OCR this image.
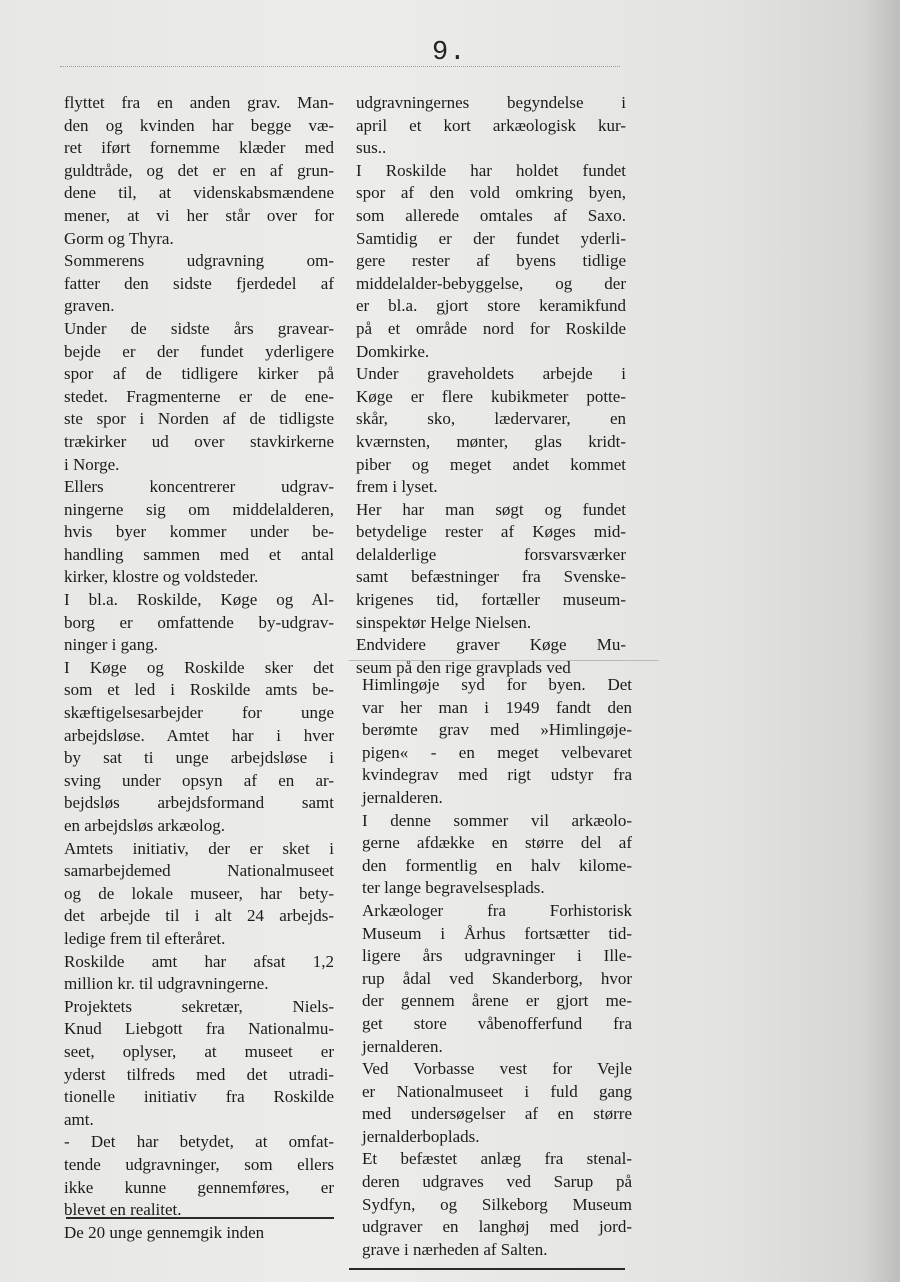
9.
flyttet fra en anden grav. Man-
den og kvinden har begge væ-
ret iført fornemme klæder med
guldtråde, og det er en af grun-
dene til, at videnskabsmændene
mener, at vi her står over for
Gorm og Thyra.
Sommerens udgravning om-
fatter den sidste fjerdedel af
graven.
Under de sidste års gravear-
bejde er der fundet yderligere
spor af de tidligere kirker på
stedet. Fragmenterne er de ene-
ste spor i Norden af de tidligste
trækirker ud over stavkirkerne
i Norge.
Ellers koncentrerer udgrav-
ningerne sig om middelalderen,
hvis byer kommer under be-
handling sammen med et antal
kirker, klostre og voldsteder.
I bl.a. Roskilde, Køge og Al-
borg er omfattende by-udgrav-
ninger i gang.
I Køge og Roskilde sker det
som et led i Roskilde amts be-
skæftigelsesarbejder for unge
arbejdsløse. Amtet har i hver
by sat ti unge arbejdsløse i
sving under opsyn af en ar-
bejdsløs arbejdsformand samt
en arbejdsløs arkæolog.
Amtets initiativ, der er sket i
samarbejdemed Nationalmuseet
og de lokale museer, har bety-
det arbejde til i alt 24 arbejds-
ledige frem til efteråret.
Roskilde amt har afsat 1,2
million kr. til udgravningerne.
Projektets sekretær, Niels-
Knud Liebgott fra Nationalmu-
seet, oplyser, at museet er
yderst tilfreds med det utradi-
tionelle initiativ fra Roskilde
amt.
- Det har betydet, at omfat-
tende udgravninger, som ellers
ikke kunne gennemføres, er
blevet en realitet.
De 20 unge gennemgik inden
udgravningernes begyndelse i
april et kort arkæologisk kur-
sus..
I Roskilde har holdet fundet
spor af den vold omkring byen,
som allerede omtales af Saxo.
Samtidig er der fundet yderli-
gere rester af byens tidlige
middelalder-bebyggelse, og der
er bl.a. gjort store keramikfund
på et område nord for Roskilde
Domkirke.
Under graveholdets arbejde i
Køge er flere kubikmeter potte-
skår, sko, lædervarer, en
kværnsten, mønter, glas kridt-
piber og meget andet kommet
frem i lyset.
Her har man søgt og fundet
betydelige rester af Køges mid-
delalderlige forsvarsværker
samt befæstninger fra Svenske-
krigenes tid, fortæller museum-
sinspektør Helge Nielsen.
Endvidere graver Køge Mu-
seum på den rige gravplads ved
Himlingøje syd for byen. Det
var her man i 1949 fandt den
berømte grav med »Himlingøje-
pigen« - en meget velbevaret
kvindegrav med rigt udstyr fra
jernalderen.
I denne sommer vil arkæolo-
gerne afdække en større del af
den formentlig en halv kilome-
ter lange begravelsesplads.
Arkæologer fra Forhistorisk
Museum i Århus fortsætter tid-
ligere års udgravninger i Ille-
rup ådal ved Skanderborg, hvor
der gennem årene er gjort me-
get store våbenofferfund fra
jernalderen.
Ved Vorbasse vest for Vejle
er Nationalmuseet i fuld gang
med undersøgelser af en større
jernalderboplads.
Et befæstet anlæg fra stenal-
deren udgraves ved Sarup på
Sydfyn, og Silkeborg Museum
udgraver en langhøj med jord-
grave i nærheden af Salten.
